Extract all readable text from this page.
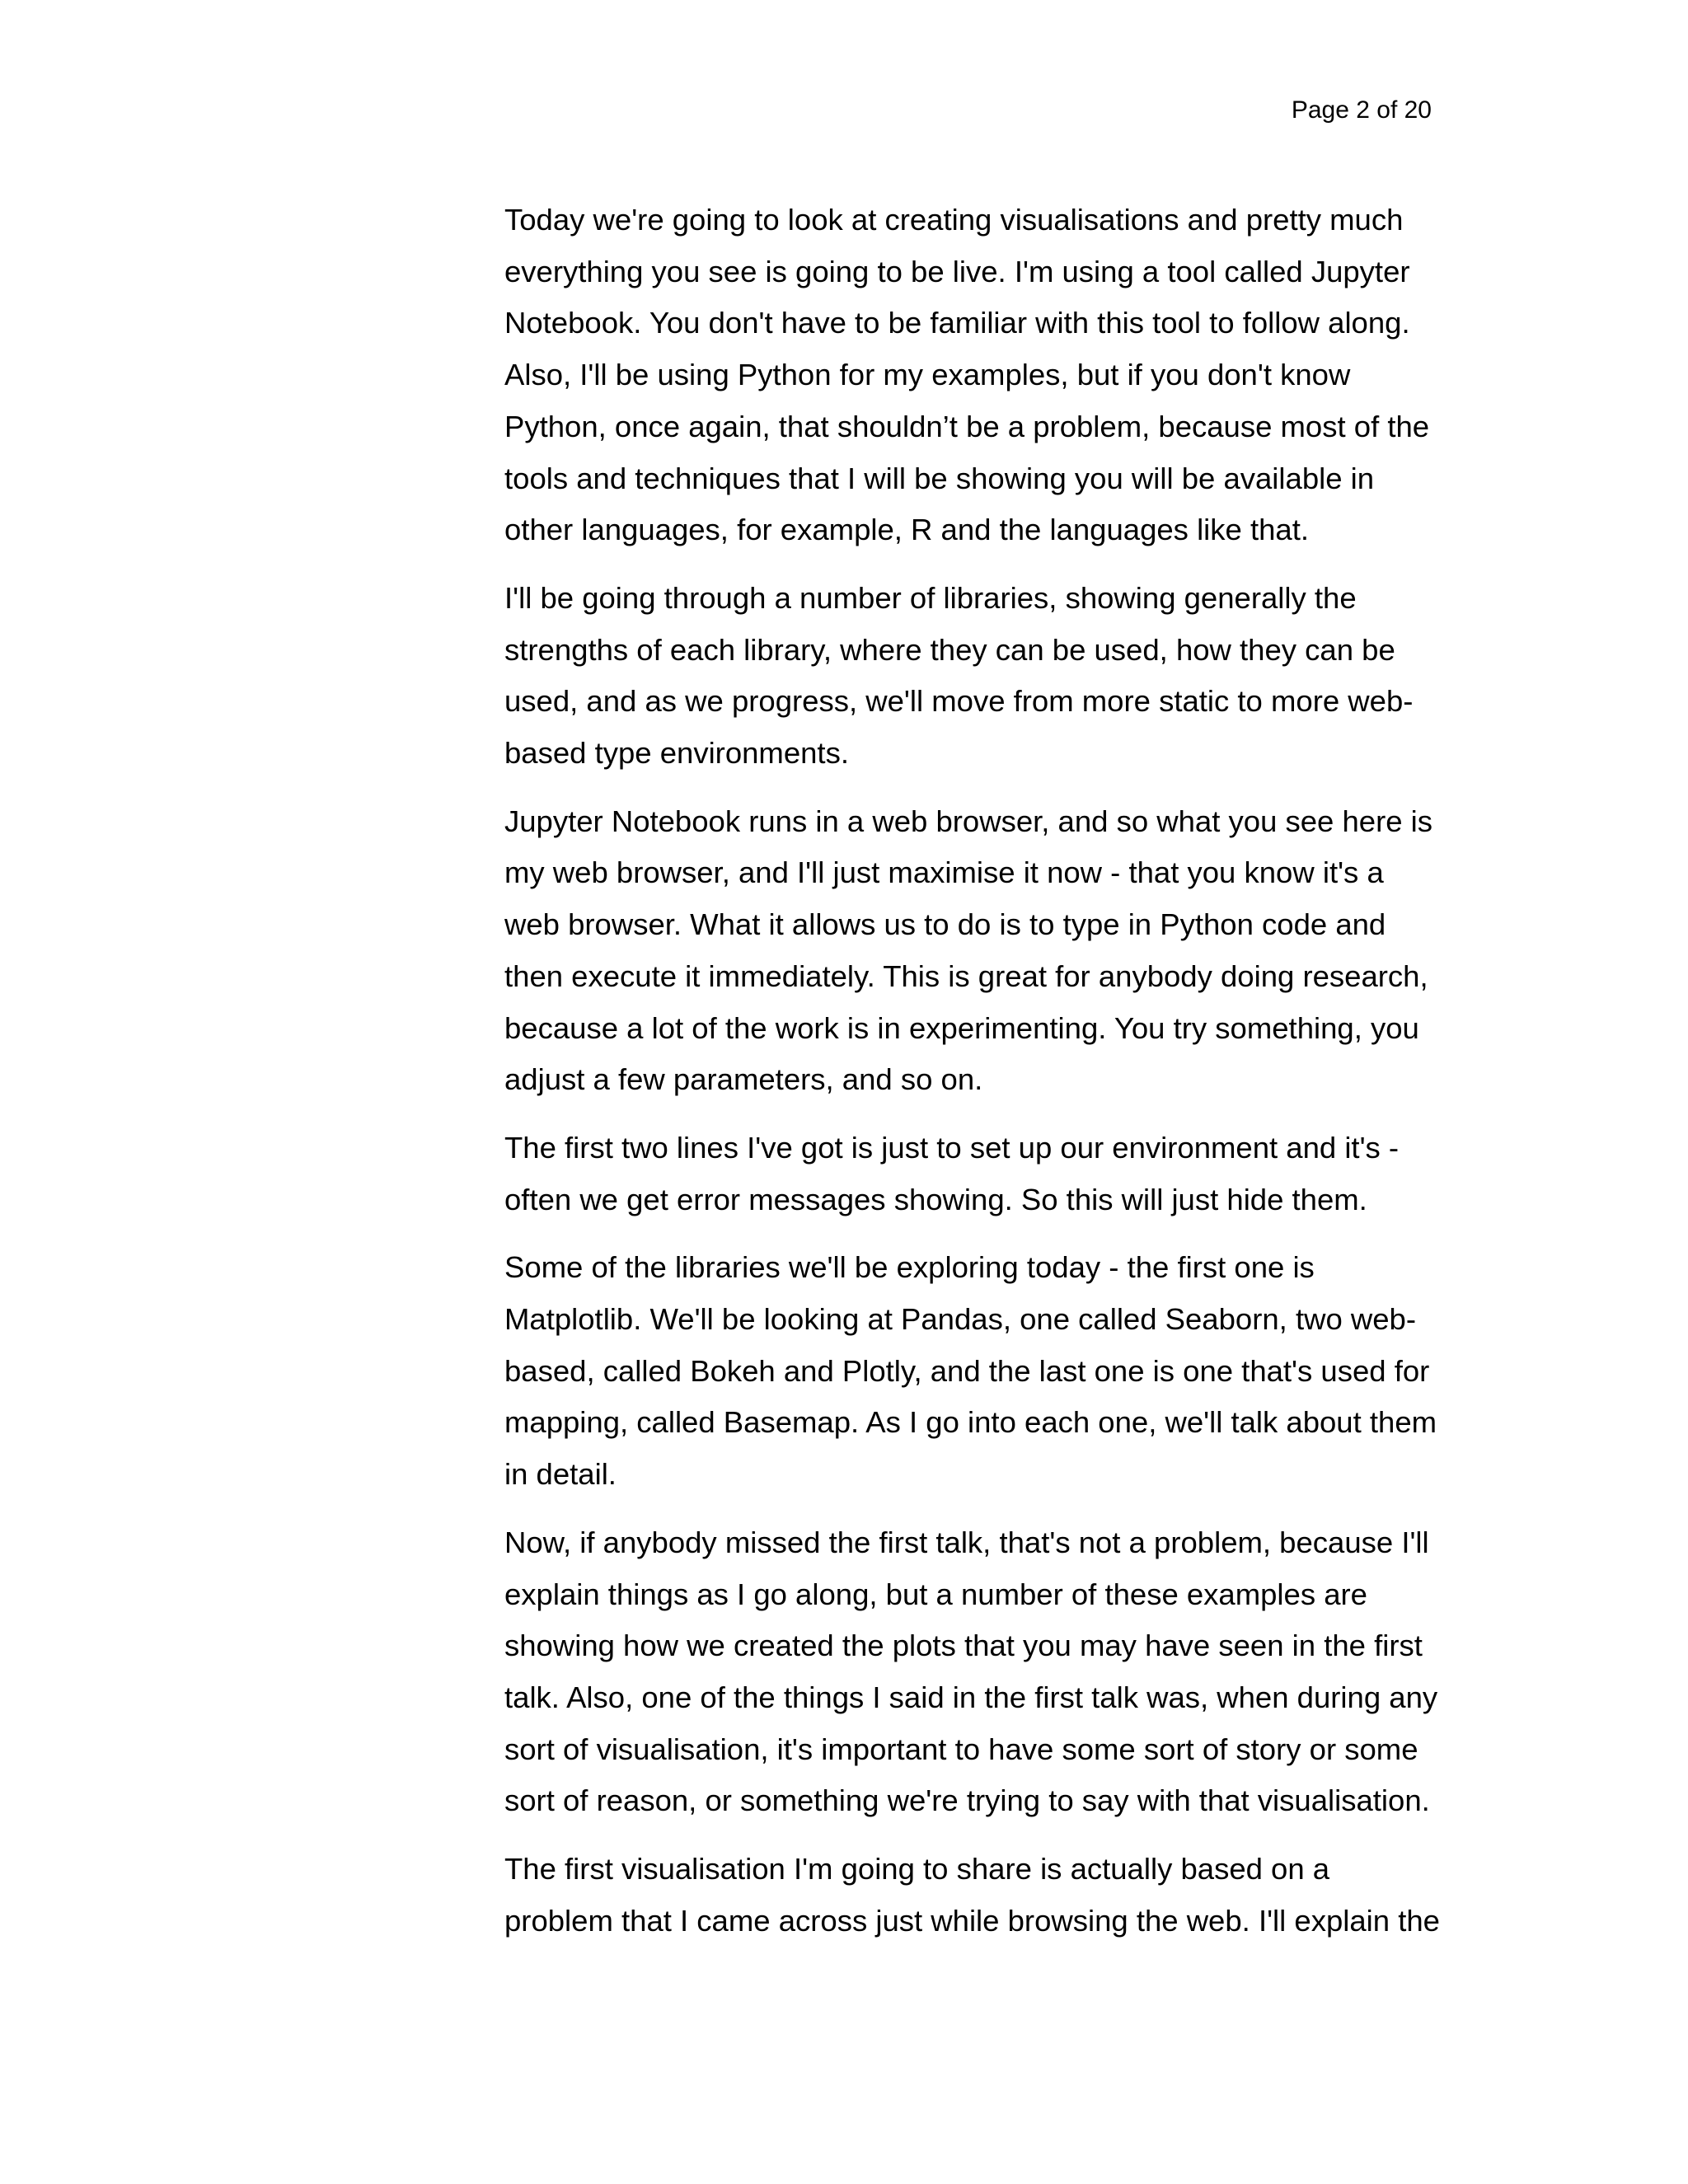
Page 2 of 20

Today we're going to look at creating visualisations and pretty much
everything you see is going to be live. I'm using a tool called Jupyter
Notebook. You don't have to be familiar with this tool to follow along.
Also, I'll be using Python for my examples, but if you don't know
Python, once again, that shouldn’t be a problem, because most of the
tools and techniques that I will be showing you will be available in
other languages, for example, R and the languages like that.

I'll be going through a number of libraries, showing generally the
strengths of each library, where they can be used, how they can be
used, and as we progress, we'll move from more static to more web-
based type environments.

Jupyter Notebook runs in a web browser, and so what you see here is
my web browser, and I'll just maximise it now - that you know it's a
web browser. What it allows us to do is to type in Python code and
then execute it immediately. This is great for anybody doing research,
because a lot of the work is in experimenting. You try something, you
adjust a few parameters, and so on.

The first two lines I've got is just to set up our environment and it's -
often we get error messages showing. So this will just hide them.

Some of the libraries we'll be exploring today - the first one is
Matplotlib. We'll be looking at Pandas, one called Seaborn, two web-
based, called Bokeh and Plotly, and the last one is one that's used for
mapping, called Basemap. As I go into each one, we'll talk about them
in detail.

Now, if anybody missed the first talk, that's not a problem, because I'll
explain things as I go along, but a number of these examples are
showing how we created the plots that you may have seen in the first
talk. Also, one of the things I said in the first talk was, when during any
sort of visualisation, it's important to have some sort of story or some
sort of reason, or something we're trying to say with that visualisation.

The first visualisation I'm going to share is actually based on a
problem that I came across just while browsing the web. I'll explain the
